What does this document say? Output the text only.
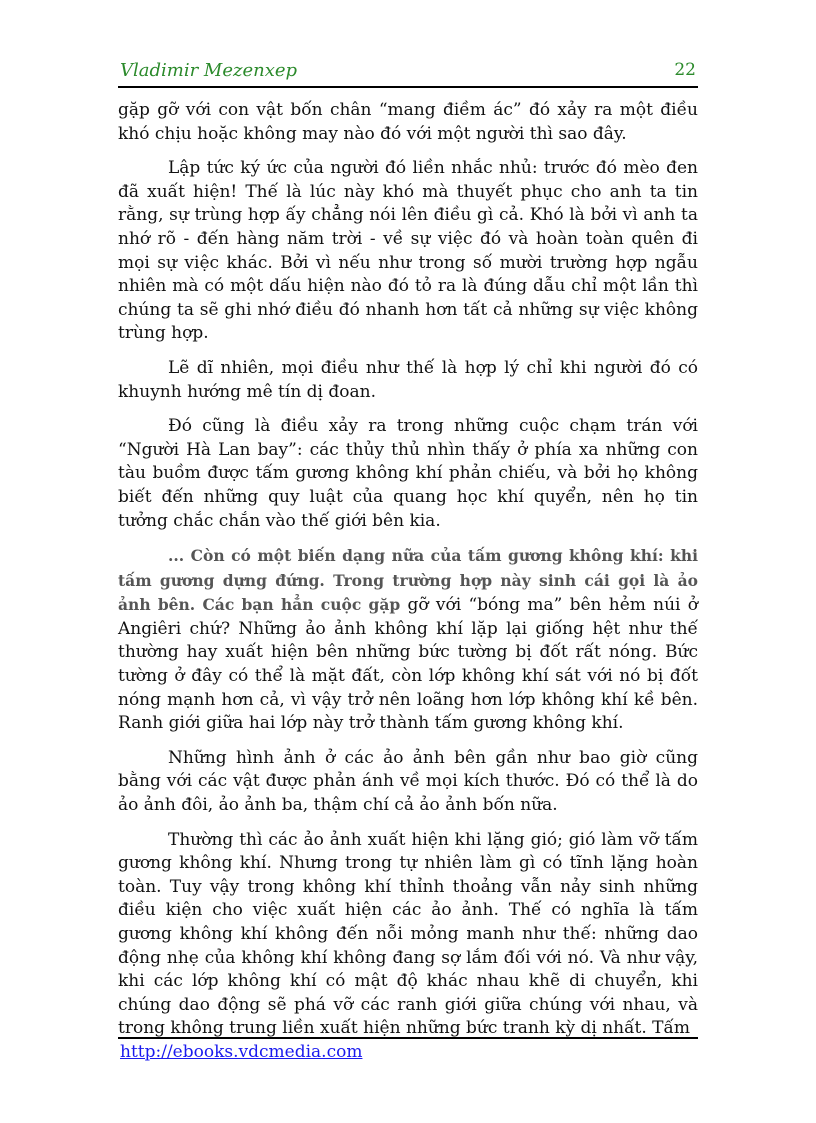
Vladimir Mezenxep	22

gặp gỡ với con vật bốn chân “mang điềm ác” đó xảy ra một điều khó chịu hoặc không may nào đó với một người thì sao đây.

Lập tức ký ức của người đó liền nhắc nhủ: trước đó mèo đen đã xuất hiện! Thế là lúc này khó mà thuyết phục cho anh ta tin rằng, sự trùng hợp ấy chẳng nói lên điều gì cả. Khó là bởi vì anh ta nhớ rõ - đến hàng năm trời - về sự việc đó và hoàn toàn quên đi mọi sự việc khác. Bởi vì nếu như trong số mười trường hợp ngẫu nhiên mà có một dấu hiện nào đó tỏ ra là đúng dẫu chỉ một lần thì chúng ta sẽ ghi nhớ điều đó nhanh hơn tất cả những sự việc không trùng hợp.

Lẽ dĩ nhiên, mọi điều như thế là hợp lý chỉ khi người đó có khuynh hướng mê tín dị đoan.

Đó cũng là điều xảy ra trong những cuộc chạm trán với “Người Hà Lan bay”: các thủy thủ nhìn thấy ở phía xa những con tàu buồm được tấm gương không khí phản chiếu, và bởi họ không biết đến những quy luật của quang học khí quyển, nên họ tin tưởng chắc chắn vào thế giới bên kia.

... Còn có một biến dạng nữa của tấm gương không khí: khi tấm gương dựng đứng. Trong trường hợp này sinh cái gọi là ảo ảnh bên. Các bạn hẳn cuộc gặp gỡ với “bóng ma” bên hẻm núi ở Angiêri chứ? Những ảo ảnh không khí lặp lại giống hệt như thế thường hay xuất hiện bên những bức tường bị đốt rất nóng. Bức tường ở đây có thể là mặt đất, còn lớp không khí sát với nó bị đốt nóng mạnh hơn cả, vì vậy trở nên loãng hơn lớp không khí kề bên. Ranh giới giữa hai lớp này trở thành tấm gương không khí.

Những hình ảnh ở các ảo ảnh bên gần như bao giờ cũng bằng với các vật được phản ánh về mọi kích thước. Đó có thể là do ảo ảnh đôi, ảo ảnh ba, thậm chí cả ảo ảnh bốn nữa.

Thường thì các ảo ảnh xuất hiện khi lặng gió; gió làm vỡ tấm gương không khí. Nhưng trong tự nhiên làm gì có tĩnh lặng hoàn toàn. Tuy vậy trong không khí thỉnh thoảng vẫn nảy sinh những điều kiện cho việc xuất hiện các ảo ảnh. Thế có nghĩa là tấm gương không khí không đến nỗi mỏng manh như thế: những dao động nhẹ của không khí không đang sợ lắm đối với nó. Và như vậy, khi các lớp không khí có mật độ khác nhau khẽ di chuyển, khi chúng dao động sẽ phá vỡ các ranh giới giữa chúng với nhau, và trong không trung liền xuất hiện những bức tranh kỳ dị nhất. Tấm

http://ebooks.vdcmedia.com
